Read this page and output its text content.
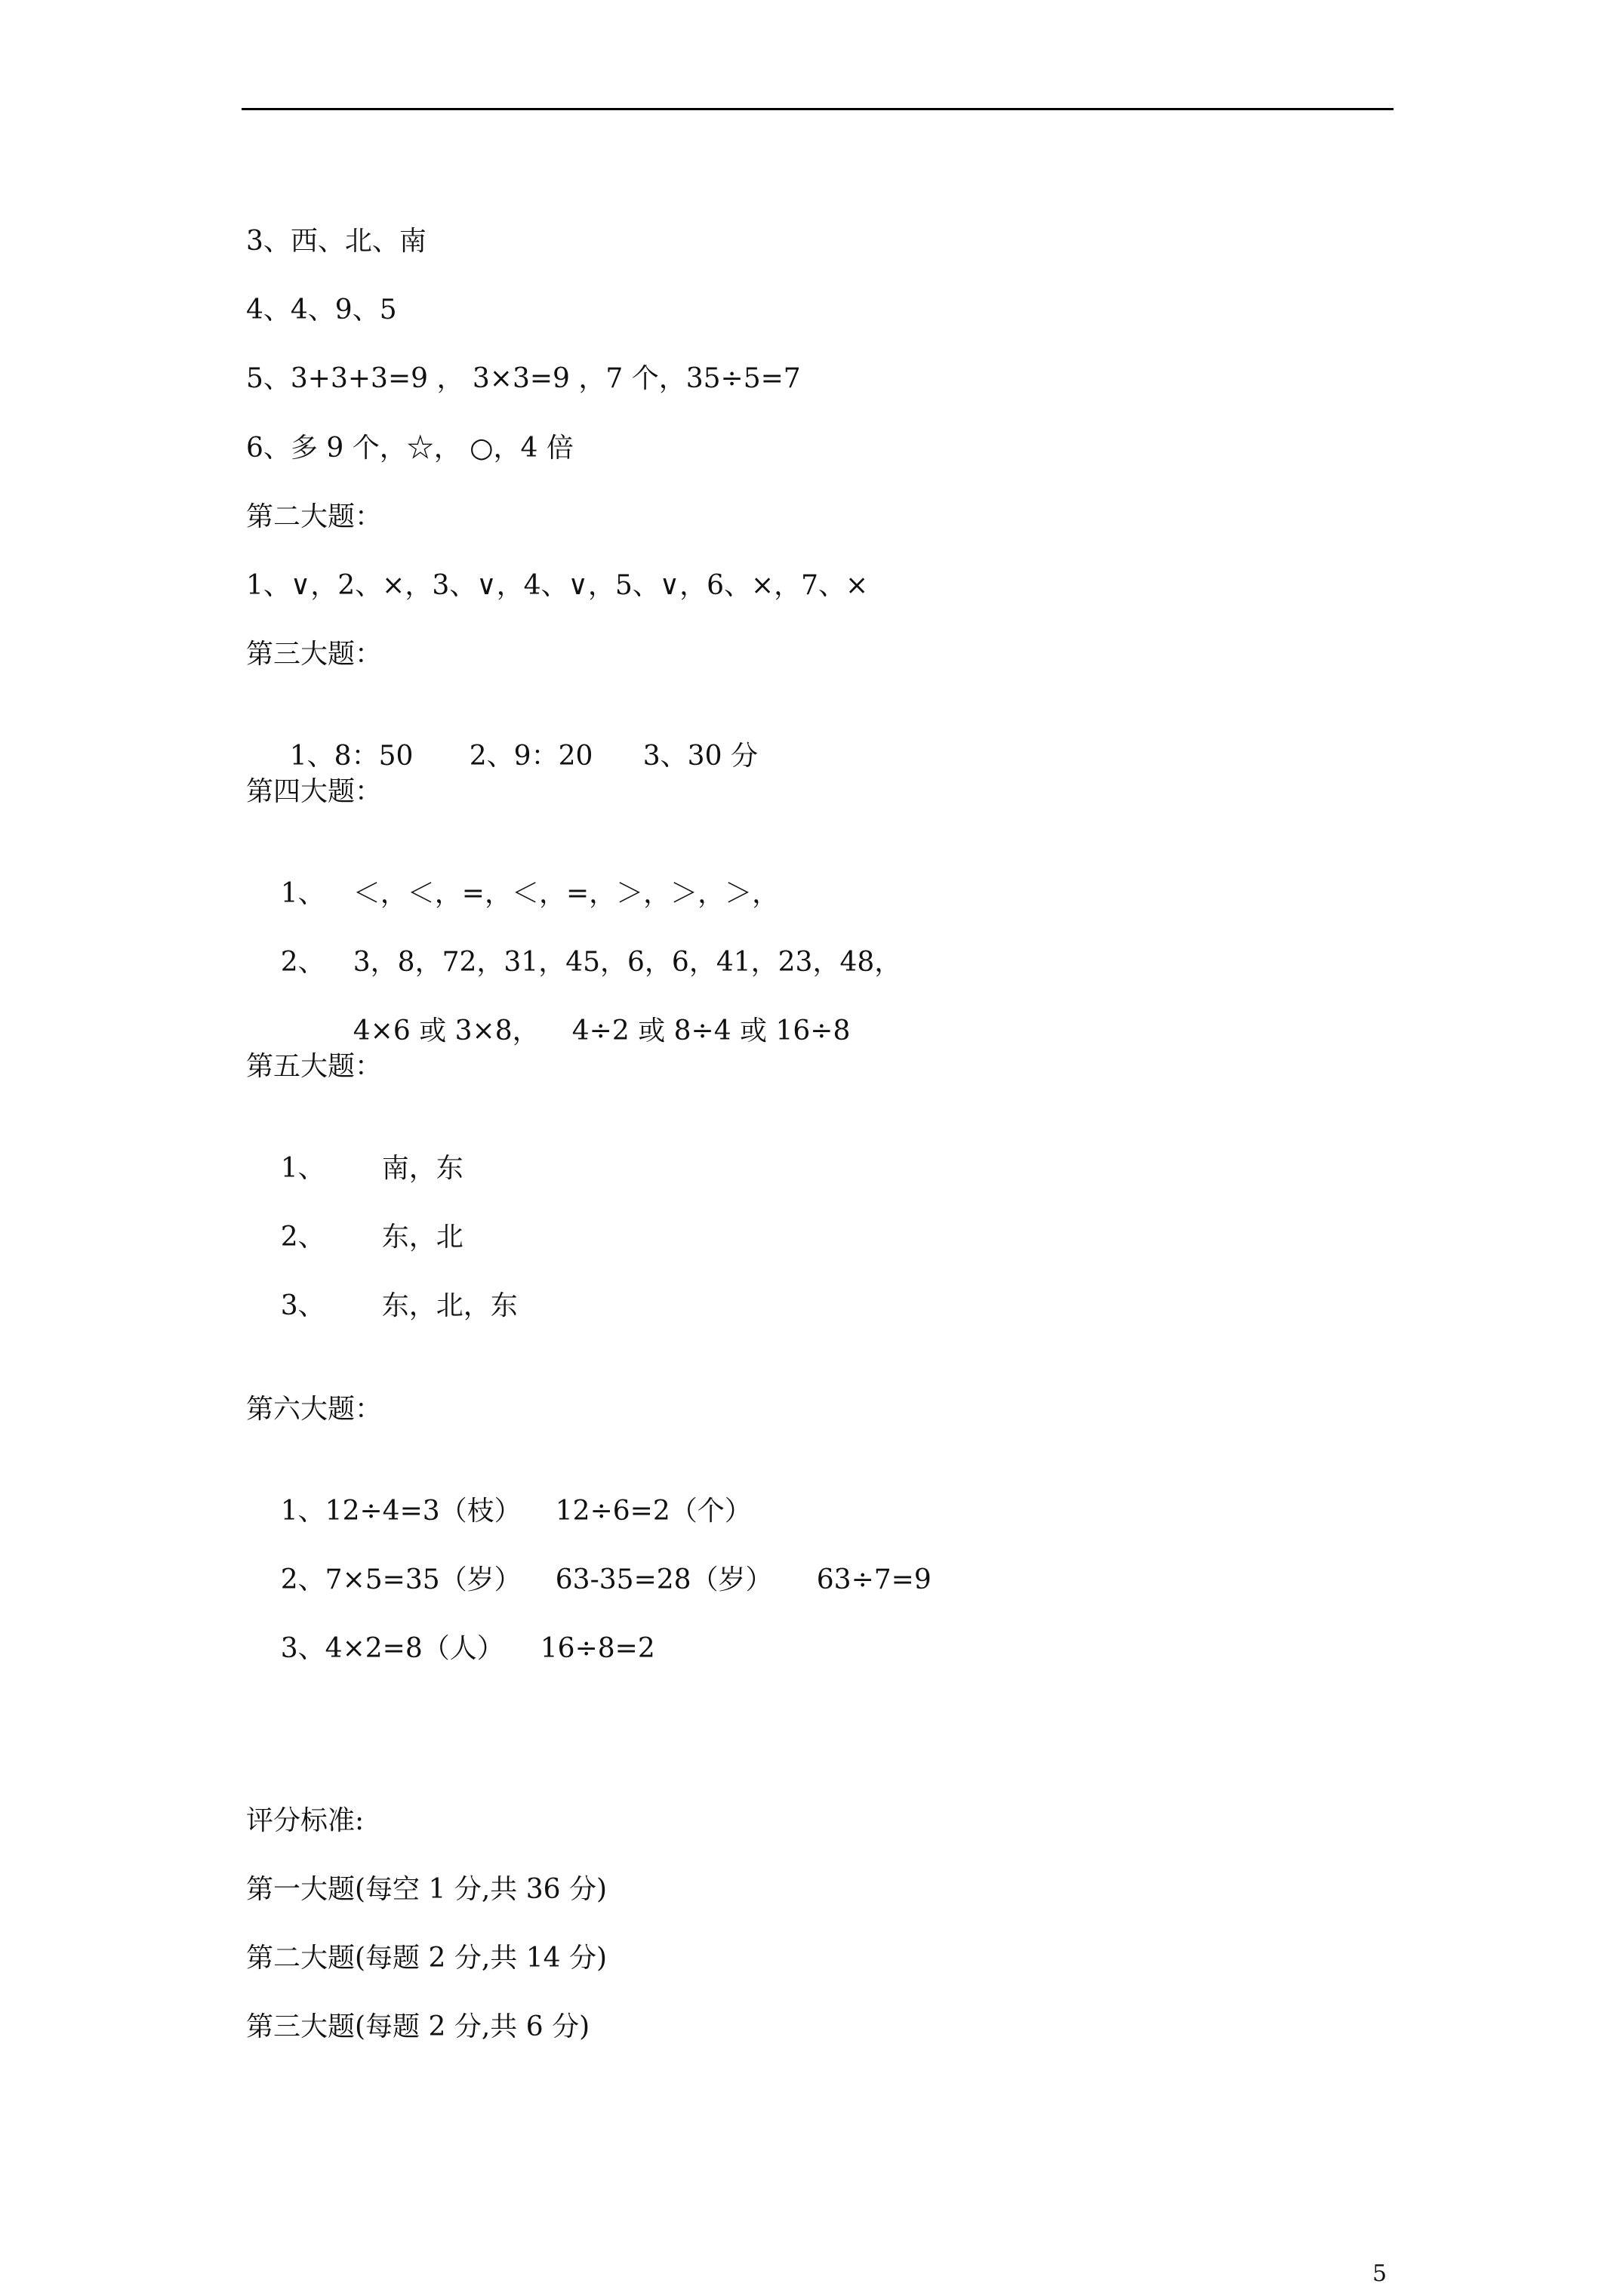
3、西、北、南
4、4、9、5
5、3+3+3=9 ， 3×3=9 ，7 个，35÷5=7
6、多 9 个，☆， ○，4 倍
第二大题：
1、∨，2、×，3、∨，4、∨，5、∨，6、×，7、×
第三大题：

1、8：50 2、9：20 3、30 分

第四大题：

1、 ＜，＜，=，＜，=，＞，＞，＞，

2、 3，8，72，31，45，6，6，41，23，48，

4×6 或 3×8， 4÷2 或 8÷4 或 16÷8

第五大题：

1、 南，东

2、 东，北

3、 东，北，东

第六大题：

1、12÷4=3（枝） 12÷6=2（个）

2、7×5=35（岁） 63-35=28（岁） 63÷7=9

3、4×2=8（人） 16÷8=2

评分标准:
第一大题(每空 1 分,共 36 分)
第二大题(每题 2 分,共 14 分)
第三大题(每题 2 分,共 6 分)
5
